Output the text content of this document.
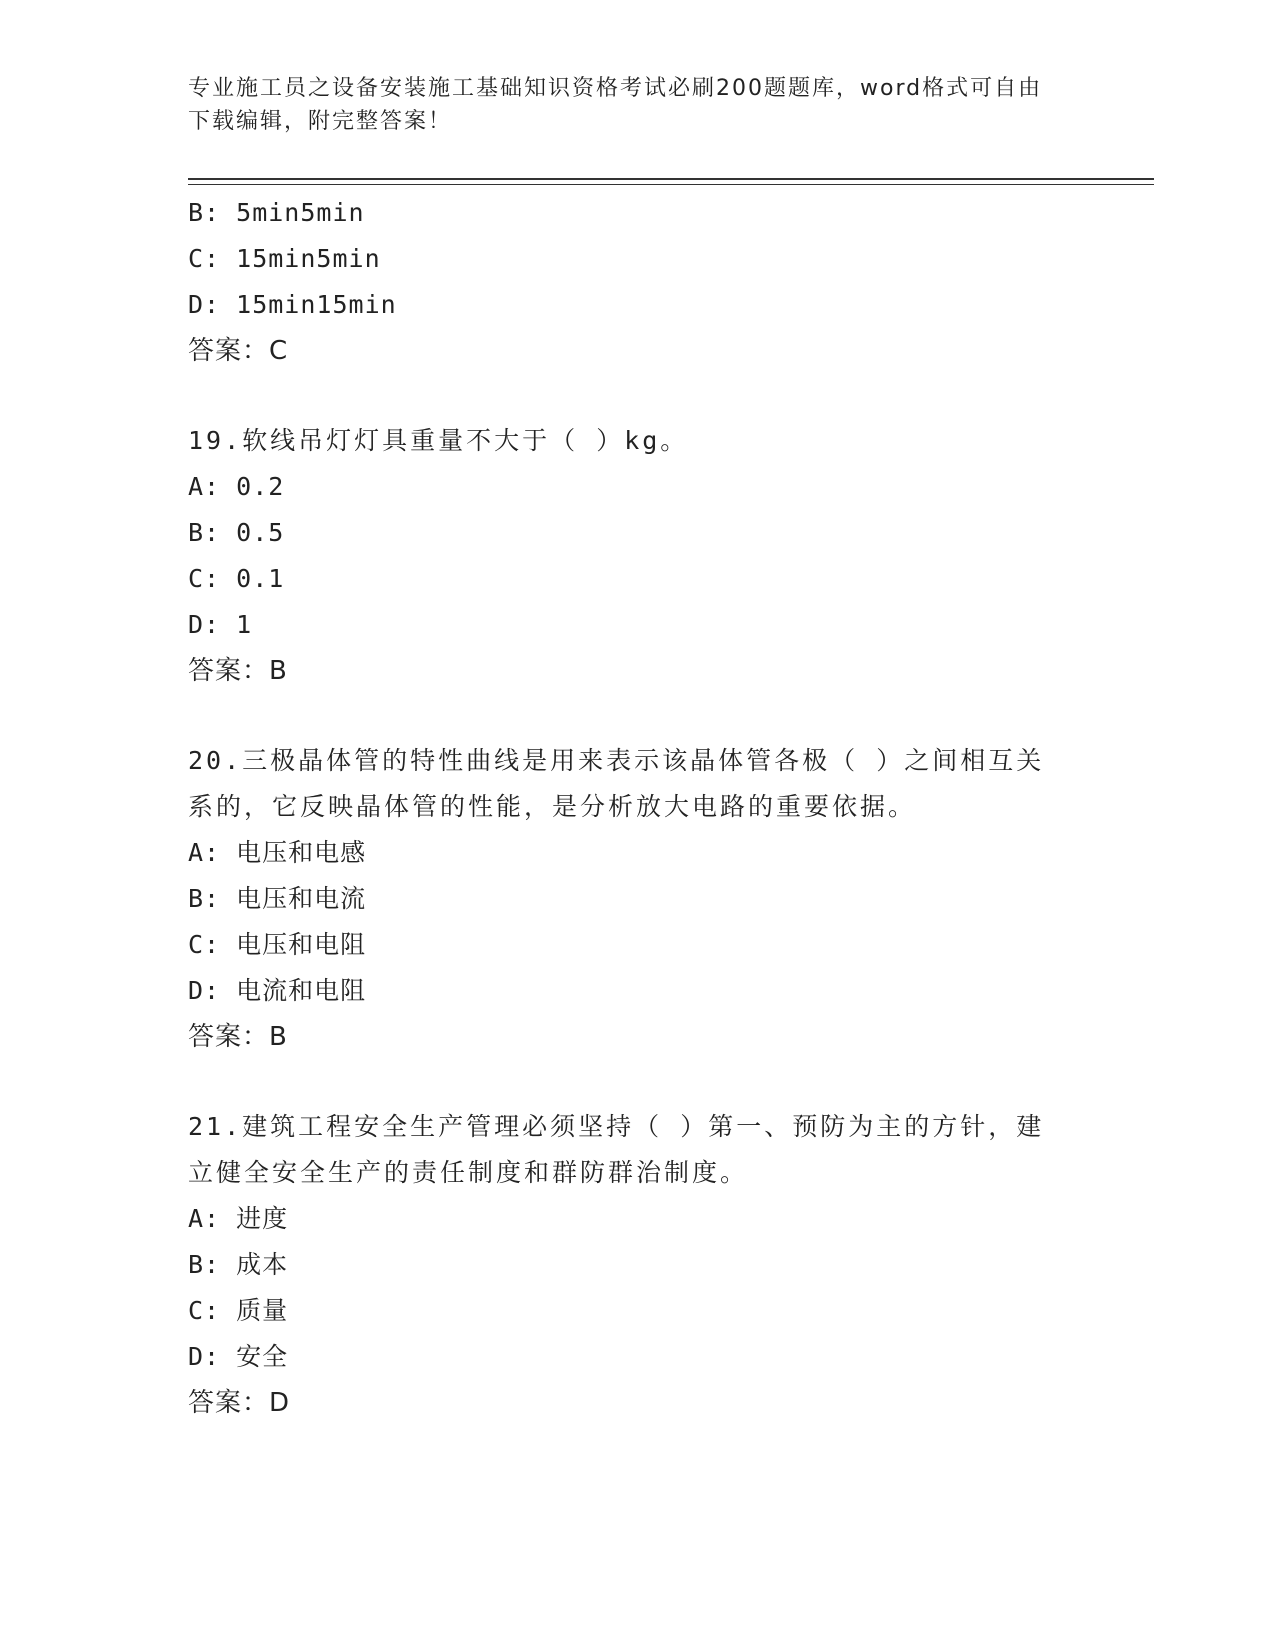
专业施工员之设备安装施工基础知识资格考试必刷200题题库，word格式可自由
下载编辑，附完整答案！
B: 5min5min
C: 15min5min
D: 15min15min
答案：C
19.软线吊灯灯具重量不大于（ ）kg。
A: 0.2
B: 0.5
C: 0.1
D: 1
答案：B
20.三极晶体管的特性曲线是用来表示该晶体管各极（ ）之间相互关
系的，它反映晶体管的性能，是分析放大电路的重要依据。
A: 电压和电感
B: 电压和电流
C: 电压和电阻
D: 电流和电阻
答案：B
21.建筑工程安全生产管理必须坚持（ ）第一、预防为主的方针，建
立健全安全生产的责任制度和群防群治制度。
A: 进度
B: 成本
C: 质量
D: 安全
答案：D
